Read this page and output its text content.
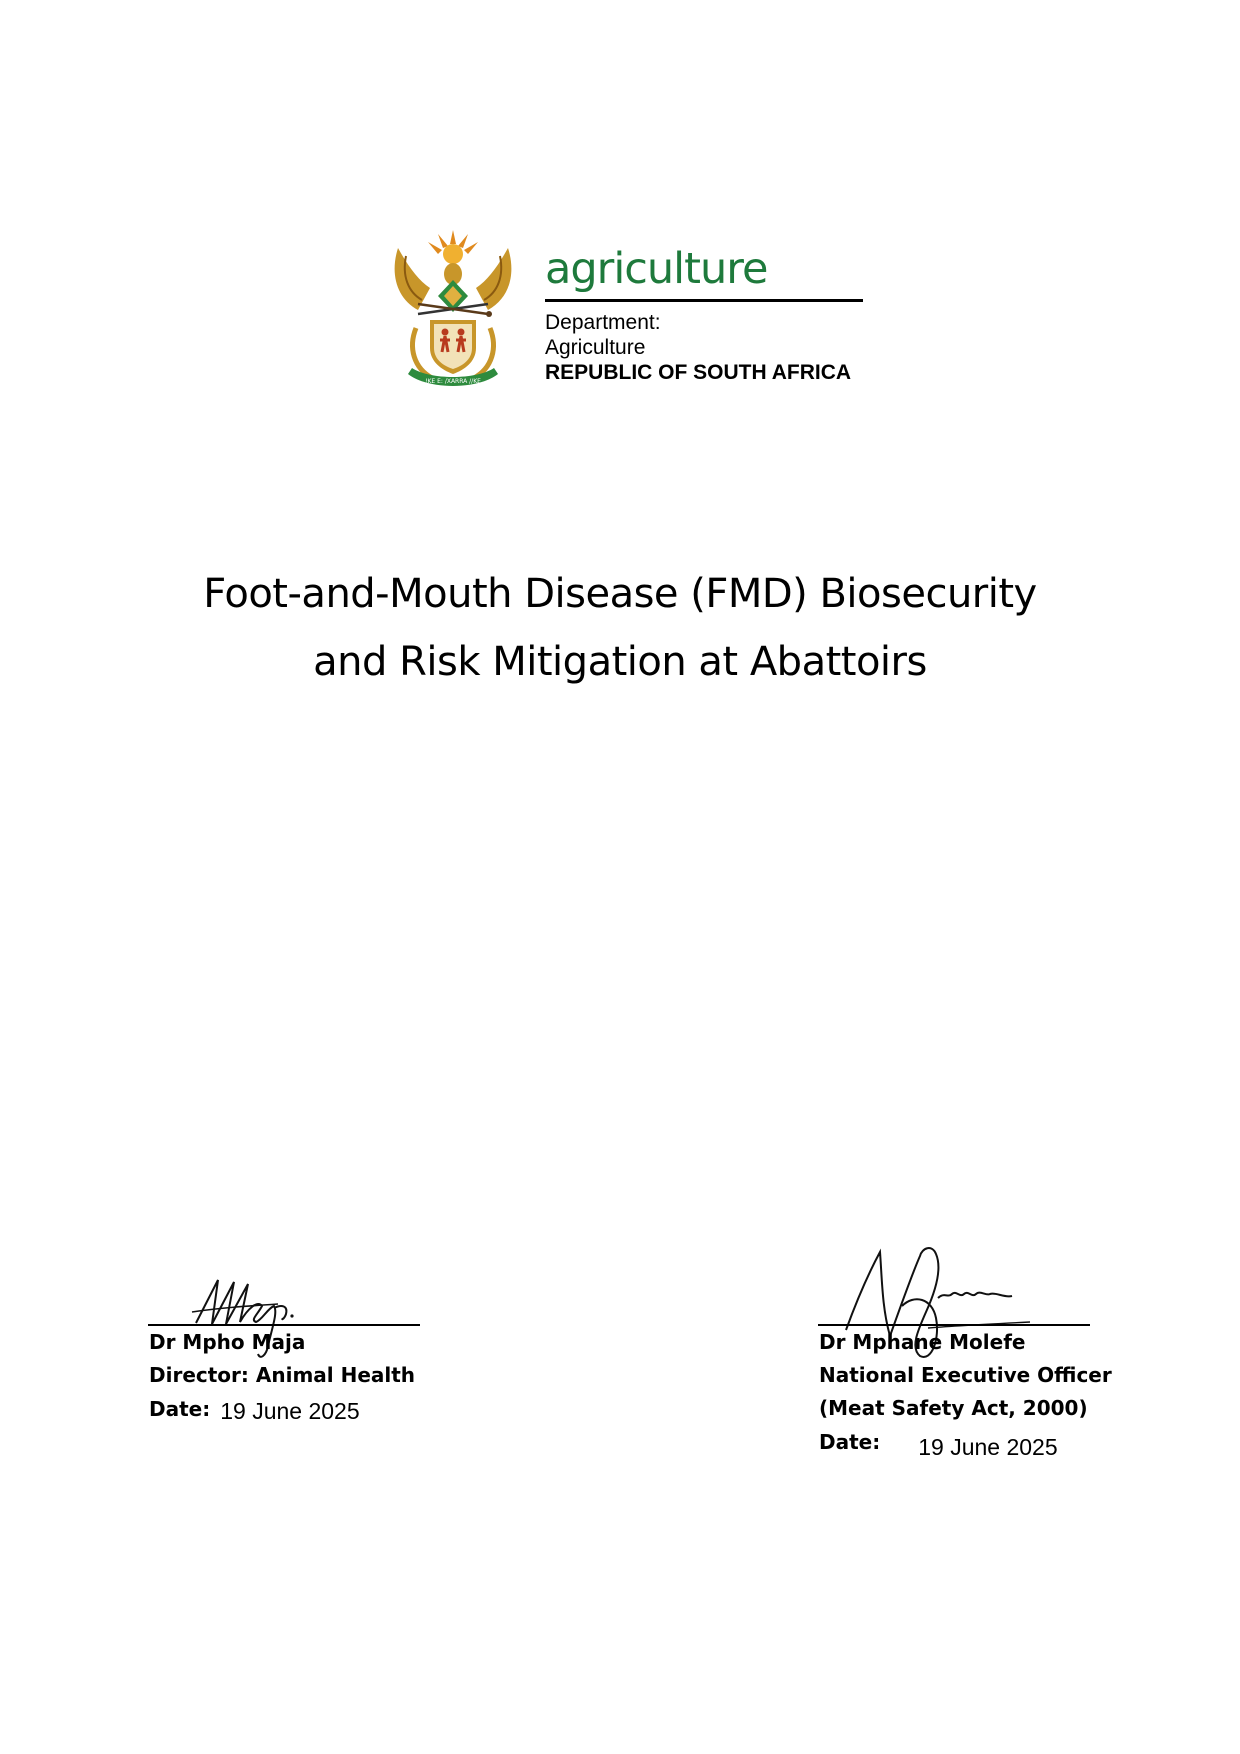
!KE E: /XARRA //KE

agriculture

Department:
Agriculture
REPUBLIC OF SOUTH AFRICA
Foot-and-Mouth Disease (FMD) Biosecurity
and Risk Mitigation at Abattoirs
Dr Mpho Maja
Director: Animal Health
Date: 19 June 2025
Dr Mphane Molefe
National Executive Officer
(Meat Safety Act, 2000)
Date: 19 June 2025
